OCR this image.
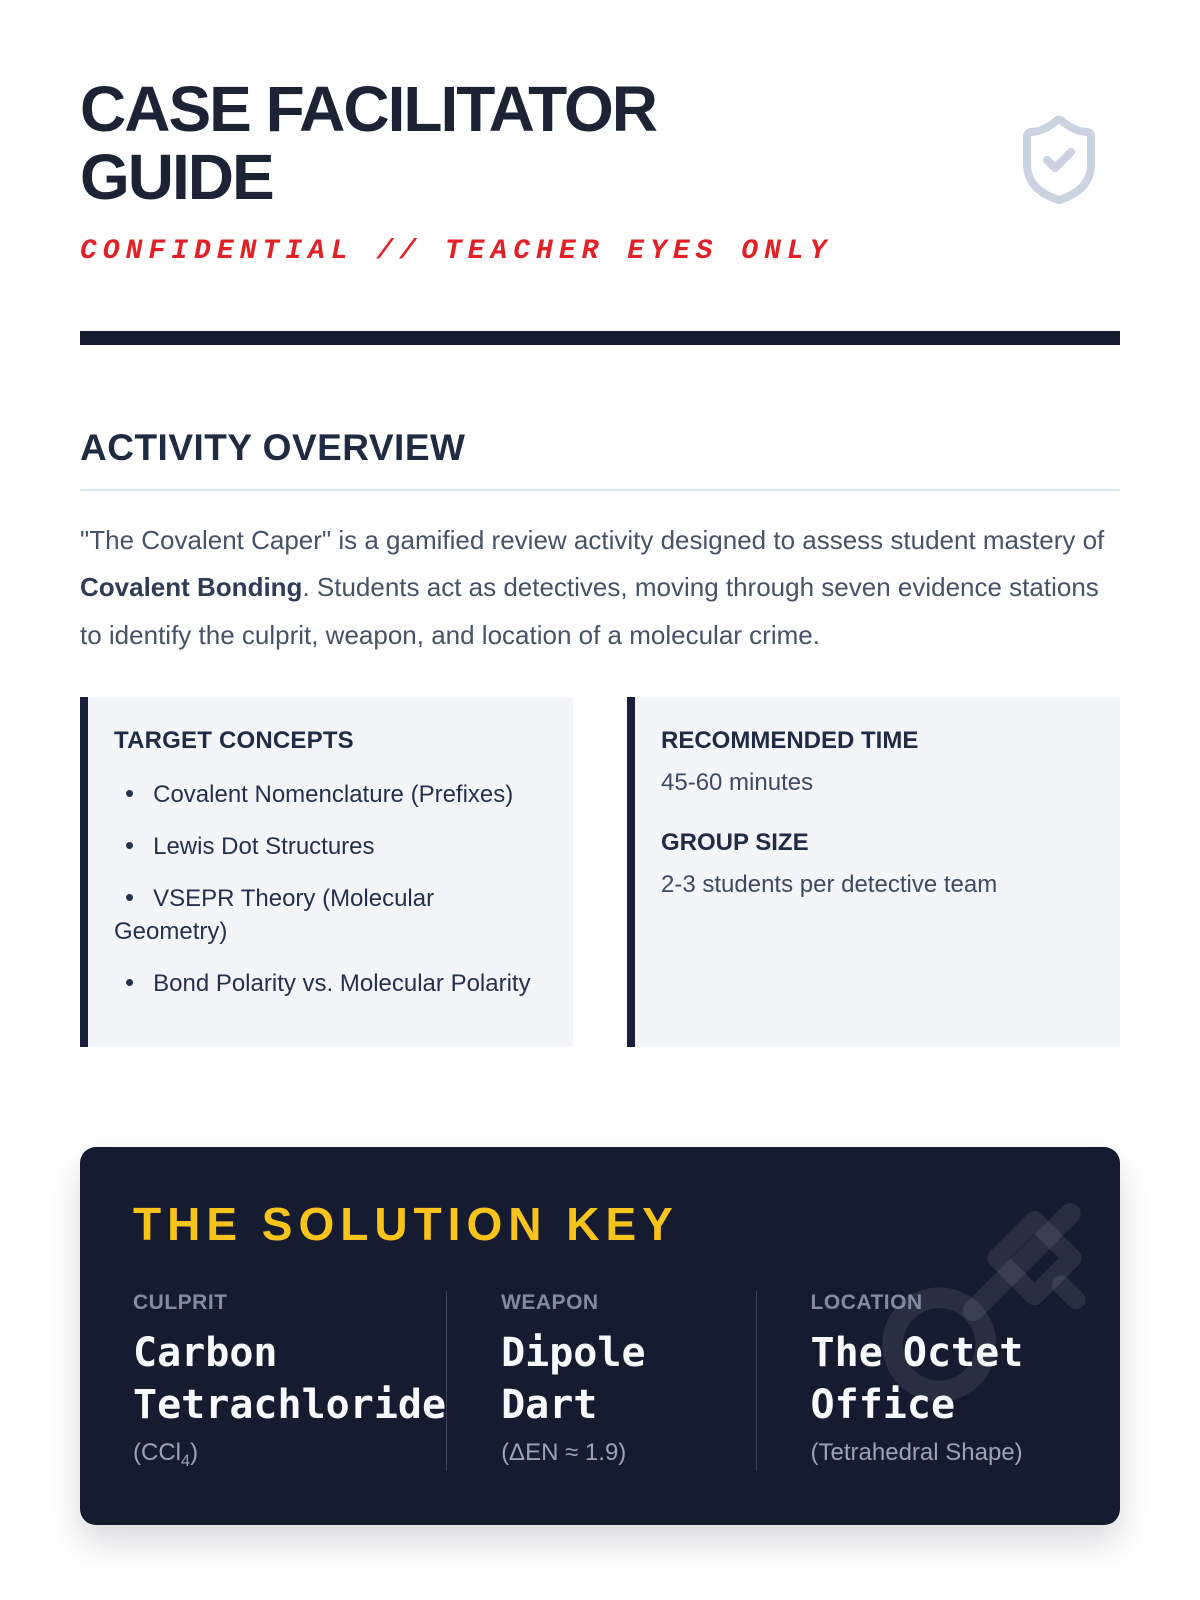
CASE FACILITATOR
GUIDE
CONFIDENTIAL // TEACHER EYES ONLY
ACTIVITY OVERVIEW

"The Covalent Caper" is a gamified review activity designed to assess student mastery of Covalent Bonding. Students act as detectives, moving through seven evidence stations to identify the culprit, weapon, and location of a molecular crime.

TARGET CONCEPTS
• Covalent Nomenclature (Prefixes)
• Lewis Dot Structures
• VSEPR Theory (Molecular Geometry)
• Bond Polarity vs. Molecular Polarity
RECOMMENDED TIME
45-60 minutes
GROUP SIZE
2-3 students per detective team
THE SOLUTION KEY
CULPRIT
Carbon Tetrachloride
(CCl$_4$)
WEAPON
Dipole Dart
(ΔEN ≈ 1.9)
LOCATION
The Octet Office
(Tetrahedral Shape)
